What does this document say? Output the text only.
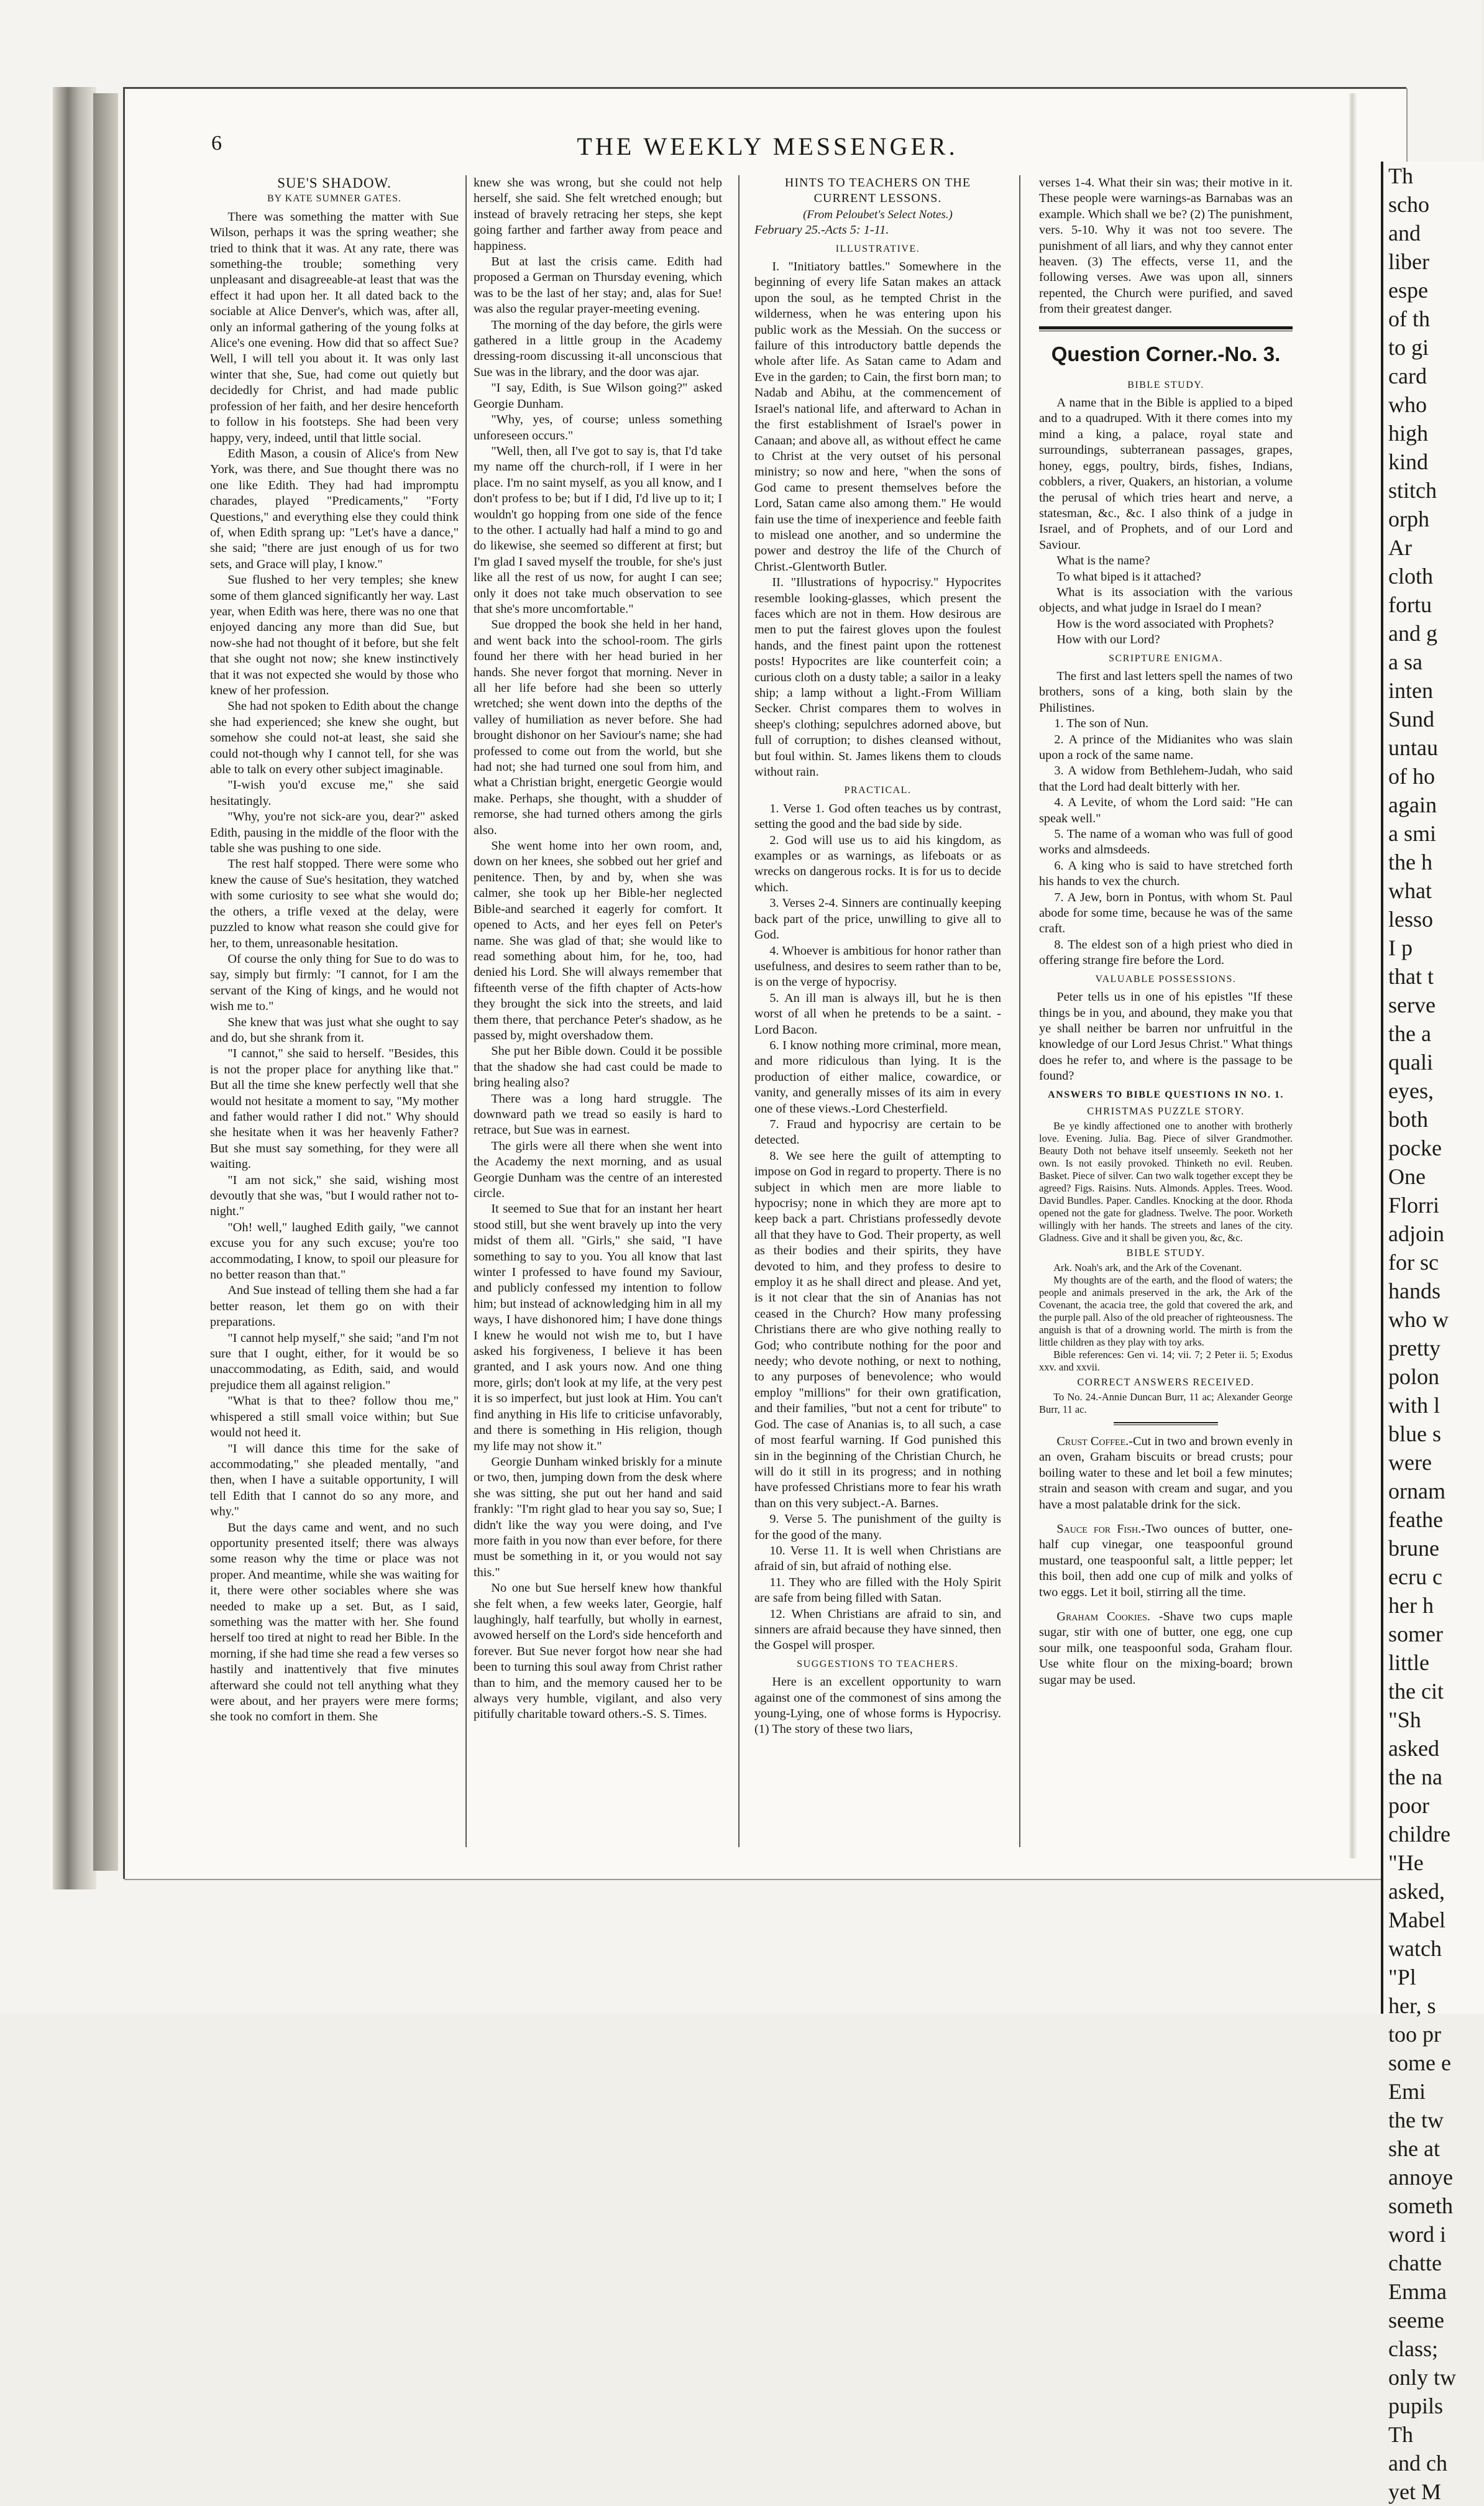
Th
scho
and
liber
espe
of th
to gi
card
who
high
kind
stitch
orph
Ar
cloth
fortu
and g
a sa
inten
Sund
untau
of ho
again
a smi
the h
what
lesso
I p
that t
serve
the a
quali
eyes,
both
pocke
One
Florri
adjoin
for sc
hands
who w
pretty
polon
with l
blue s
were
ornam
feathe
brune
ecru c
her h
somer
little
the cit
"Sh
asked
the na
poor
childre
"He
asked,
Mabel
watch
"Pl
her, s
too pr
some e
Emi
the tw
she at
annoye
someth
word i
chatte
Emma
seeme
class;
only tw
pupils
Th
and ch
yet M
6	THE WEEKLY MESSENGER.

SUE'S SHADOW.

BY KATE SUMNER GATES.

There was something the matter with Sue Wilson, perhaps it was the spring weather; she tried to think that it was. At any rate, there was something-the trouble; something very unpleasant and disagreeable-at least that was the effect it had upon her. It all dated back to the sociable at Alice Denver's, which was, after all, only an informal gathering of the young folks at Alice's one evening. How did that so affect Sue? Well, I will tell you about it. It was only last winter that she, Sue, had come out quietly but decidedly for Christ, and had made public profession of her faith, and her desire henceforth to follow in his footsteps. She had been very happy, very, indeed, until that little social.

Edith Mason, a cousin of Alice's from New York, was there, and Sue thought there was no one like Edith. They had had impromptu charades, played "Predicaments," "Forty Questions," and everything else they could think of, when Edith sprang up: "Let's have a dance," she said; "there are just enough of us for two sets, and Grace will play, I know."

Sue flushed to her very temples; she knew some of them glanced significantly her way. Last year, when Edith was here, there was no one that enjoyed dancing any more than did Sue, but now-she had not thought of it before, but she felt that she ought not now; she knew instinctively that it was not expected she would by those who knew of her profession.

She had not spoken to Edith about the change she had experienced; she knew she ought, but somehow she could not-at least, she said she could not-though why I cannot tell, for she was able to talk on every other subject imaginable.

"I-wish you'd excuse me," she said hesitatingly.

"Why, you're not sick-are you, dear?" asked Edith, pausing in the middle of the floor with the table she was pushing to one side.

The rest half stopped. There were some who knew the cause of Sue's hesitation, they watched with some curiosity to see what she would do; the others, a trifle vexed at the delay, were puzzled to know what reason she could give for her, to them, unreasonable hesitation.

Of course the only thing for Sue to do was to say, simply but firmly: "I cannot, for I am the servant of the King of kings, and he would not wish me to."

She knew that was just what she ought to say and do, but she shrank from it.

"I cannot," she said to herself. "Besides, this is not the proper place for anything like that." But all the time she knew perfectly well that she would not hesitate a moment to say, "My mother and father would rather I did not." Why should she hesitate when it was her heavenly Father? But she must say something, for they were all waiting.

"I am not sick," she said, wishing most devoutly that she was, "but I would rather not to-night."

"Oh! well," laughed Edith gaily, "we cannot excuse you for any such excuse; you're too accommodating, I know, to spoil our pleasure for no better reason than that."

And Sue instead of telling them she had a far better reason, let them go on with their preparations.

"I cannot help myself," she said; "and I'm not sure that I ought, either, for it would be so unaccommodating, as Edith, said, and would prejudice them all against religion."

"What is that to thee? follow thou me," whispered a still small voice within; but Sue would not heed it.

"I will dance this time for the sake of accommodating," she pleaded mentally, "and then, when I have a suitable opportunity, I will tell Edith that I cannot do so any more, and why."

But the days came and went, and no such opportunity presented itself; there was always some reason why the time or place was not proper. And meantime, while she was waiting for it, there were other sociables where she was needed to make up a set. But, as I said, something was the matter with her. She found herself too tired at night to read her Bible. In the morning, if she had time she read a few verses so hastily and inattentively that five minutes afterward she could not tell anything what they were about, and her prayers were mere forms; she took no comfort in them. She

knew she was wrong, but she could not help herself, she said. She felt wretched enough; but instead of bravely retracing her steps, she kept going farther and farther away from peace and happiness.

But at last the crisis came. Edith had proposed a German on Thursday evening, which was to be the last of her stay; and, alas for Sue! was also the regular prayer-meeting evening.

The morning of the day before, the girls were gathered in a little group in the Academy dressing-room discussing it-all unconscious that Sue was in the library, and the door was ajar.

"I say, Edith, is Sue Wilson going?" asked Georgie Dunham.

"Why, yes, of course; unless something unforeseen occurs."

"Well, then, all I've got to say is, that I'd take my name off the church-roll, if I were in her place. I'm no saint myself, as you all know, and I don't profess to be; but if I did, I'd live up to it; I wouldn't go hopping from one side of the fence to the other. I actually had half a mind to go and do likewise, she seemed so different at first; but I'm glad I saved myself the trouble, for she's just like all the rest of us now, for aught I can see; only it does not take much observation to see that she's more uncomfortable."

Sue dropped the book she held in her hand, and went back into the school-room. The girls found her there with her head buried in her hands. She never forgot that morning. Never in all her life before had she been so utterly wretched; she went down into the depths of the valley of humiliation as never before. She had brought dishonor on her Saviour's name; she had professed to come out from the world, but she had not; she had turned one soul from him, and what a Christian bright, energetic Georgie would make. Perhaps, she thought, with a shudder of remorse, she had turned others among the girls also.

She went home into her own room, and, down on her knees, she sobbed out her grief and penitence. Then, by and by, when she was calmer, she took up her Bible-her neglected Bible-and searched it eagerly for comfort. It opened to Acts, and her eyes fell on Peter's name. She was glad of that; she would like to read something about him, for he, too, had denied his Lord. She will always remember that fifteenth verse of the fifth chapter of Acts-how they brought the sick into the streets, and laid them there, that perchance Peter's shadow, as he passed by, might overshadow them.

She put her Bible down. Could it be possible that the shadow she had cast could be made to bring healing also?

There was a long hard struggle. The downward path we tread so easily is hard to retrace, but Sue was in earnest.

The girls were all there when she went into the Academy the next morning, and as usual Georgie Dunham was the centre of an interested circle.

It seemed to Sue that for an instant her heart stood still, but she went bravely up into the very midst of them all. "Girls," she said, "I have something to say to you. You all know that last winter I professed to have found my Saviour, and publicly confessed my intention to follow him; but instead of acknowledging him in all my ways, I have dishonored him; I have done things I knew he would not wish me to, but I have asked his forgiveness, I believe it has been granted, and I ask yours now. And one thing more, girls; don't look at my life, at the very pest it is so imperfect, but just look at Him. You can't find anything in His life to criticise unfavorably, and there is something in His religion, though my life may not show it."

Georgie Dunham winked briskly for a minute or two, then, jumping down from the desk where she was sitting, she put out her hand and said frankly: "I'm right glad to hear you say so, Sue; I didn't like the way you were doing, and I've more faith in you now than ever before, for there must be something in it, or you would not say this."

No one but Sue herself knew how thankful she felt when, a few weeks later, Georgie, half laughingly, half tearfully, but wholly in earnest, avowed herself on the Lord's side henceforth and forever. But Sue never forgot how near she had been to turning this soul away from Christ rather than to him, and the memory caused her to be always very humble, vigilant, and also very pitifully charitable toward others.-S. S. Times.

HINTS TO TEACHERS ON THE CURRENT LESSONS.

(From Peloubet's Select Notes.)

February 25.-Acts 5: 1-11.

ILLUSTRATIVE.

I. "Initiatory battles." Somewhere in the beginning of every life Satan makes an attack upon the soul, as he tempted Christ in the wilderness, when he was entering upon his public work as the Messiah. On the success or failure of this introductory battle depends the whole after life. As Satan came to Adam and Eve in the garden; to Cain, the first born man; to Nadab and Abihu, at the commencement of Israel's national life, and afterward to Achan in the first establishment of Israel's power in Canaan; and above all, as without effect he came to Christ at the very outset of his personal ministry; so now and here, "when the sons of God came to present themselves before the Lord, Satan came also among them." He would fain use the time of inexperience and feeble faith to mislead one another, and so undermine the power and destroy the life of the Church of Christ.-Glentworth Butler.

II. "Illustrations of hypocrisy." Hypocrites resemble looking-glasses, which present the faces which are not in them. How desirous are men to put the fairest gloves upon the foulest hands, and the finest paint upon the rottenest posts! Hypocrites are like counterfeit coin; a curious cloth on a dusty table; a sailor in a leaky ship; a lamp without a light.-From William Secker. Christ compares them to wolves in sheep's clothing; sepulchres adorned above, but full of corruption; to dishes cleansed without, but foul within. St. James likens them to clouds without rain.

PRACTICAL.

1. Verse 1. God often teaches us by contrast, setting the good and the bad side by side.

2. God will use us to aid his kingdom, as examples or as warnings, as lifeboats or as wrecks on dangerous rocks. It is for us to decide which.

3. Verses 2-4. Sinners are continually keeping back part of the price, unwilling to give all to God.

4. Whoever is ambitious for honor rather than usefulness, and desires to seem rather than to be, is on the verge of hypocrisy.

5. An ill man is always ill, but he is then worst of all when he pretends to be a saint. -Lord Bacon.

6. I know nothing more criminal, more mean, and more ridiculous than lying. It is the production of either malice, cowardice, or vanity, and generally misses of its aim in every one of these views.-Lord Chesterfield.

7. Fraud and hypocrisy are certain to be detected.

8. We see here the guilt of attempting to impose on God in regard to property. There is no subject in which men are more liable to hypocrisy; none in which they are more apt to keep back a part. Christians professedly devote all that they have to God. Their property, as well as their bodies and their spirits, they have devoted to him, and they profess to desire to employ it as he shall direct and please. And yet, is it not clear that the sin of Ananias has not ceased in the Church? How many professing Christians there are who give nothing really to God; who contribute nothing for the poor and needy; who devote nothing, or next to nothing, to any purposes of benevolence; who would employ "millions" for their own gratification, and their families, "but not a cent for tribute" to God. The case of Ananias is, to all such, a case of most fearful warning. If God punished this sin in the beginning of the Christian Church, he will do it still in its progress; and in nothing have professed Christians more to fear his wrath than on this very subject.-A. Barnes.

9. Verse 5. The punishment of the guilty is for the good of the many.

10. Verse 11. It is well when Christians are afraid of sin, but afraid of nothing else.

11. They who are filled with the Holy Spirit are safe from being filled with Satan.

12. When Christians are afraid to sin, and sinners are afraid because they have sinned, then the Gospel will prosper.

SUGGESTIONS TO TEACHERS.

Here is an excellent opportunity to warn against one of the commonest of sins among the young-Lying, one of whose forms is Hypocrisy. (1) The story of these two liars,

verses 1-4. What their sin was; their motive in it. These people were warnings-as Barnabas was an example. Which shall we be? (2) The punishment, vers. 5-10. Why it was not too severe. The punishment of all liars, and why they cannot enter heaven. (3) The effects, verse 11, and the following verses. Awe was upon all, sinners repented, the Church were purified, and saved from their greatest danger.

Question Corner.-No. 3.

BIBLE STUDY.

A name that in the Bible is applied to a biped and to a quadruped. With it there comes into my mind a king, a palace, royal state and surroundings, subterranean passages, grapes, honey, eggs, poultry, birds, fishes, Indians, cobblers, a river, Quakers, an historian, a volume the perusal of which tries heart and nerve, a statesman, &c., &c. I also think of a judge in Israel, and of Prophets, and of our Lord and Saviour.

What is the name?

To what biped is it attached?

What is its association with the various objects, and what judge in Israel do I mean?

How is the word associated with Prophets?

How with our Lord?

SCRIPTURE ENIGMA.

The first and last letters spell the names of two brothers, sons of a king, both slain by the Philistines.

1. The son of Nun.

2. A prince of the Midianites who was slain upon a rock of the same name.

3. A widow from Bethlehem-Judah, who said that the Lord had dealt bitterly with her.

4. A Levite, of whom the Lord said: "He can speak well."

5. The name of a woman who was full of good works and almsdeeds.

6. A king who is said to have stretched forth his hands to vex the church.

7. A Jew, born in Pontus, with whom St. Paul abode for some time, because he was of the same craft.

8. The eldest son of a high priest who died in offering strange fire before the Lord.

VALUABLE POSSESSIONS.

Peter tells us in one of his epistles "If these things be in you, and abound, they make you that ye shall neither be barren nor unfruitful in the knowledge of our Lord Jesus Christ." What things does he refer to, and where is the passage to be found?

ANSWERS TO BIBLE QUESTIONS IN NO. 1.

CHRISTMAS PUZZLE STORY.

Be ye kindly affectioned one to another with brotherly love. Evening. Julia. Bag. Piece of silver Grandmother. Beauty Doth not behave itself unseemly. Seeketh not her own. Is not easily provoked. Thinketh no evil. Reuben. Basket. Piece of silver. Can two walk together except they be agreed? Figs. Raisins. Nuts. Almonds. Apples. Trees. Wood. David Bundles. Paper. Candles. Knocking at the door. Rhoda opened not the gate for gladness. Twelve. The poor. Worketh willingly with her hands. The streets and lanes of the city. Gladness. Give and it shall be given you, &c, &c.

BIBLE STUDY.

Ark. Noah's ark, and the Ark of the Covenant.

My thoughts are of the earth, and the flood of waters; the people and animals preserved in the ark, the Ark of the Covenant, the acacia tree, the gold that covered the ark, and the purple pall. Also of the old preacher of righteousness. The anguish is that of a drowning world. The mirth is from the little children as they play with toy arks.

Bible references: Gen vi. 14; vii. 7; 2 Peter ii. 5; Exodus xxv. and xxvii.

CORRECT ANSWERS RECEIVED.

To No. 24.-Annie Duncan Burr, 11 ac; Alexander George Burr, 11 ac.

Crust Coffee.-Cut in two and brown evenly in an oven, Graham biscuits or bread crusts; pour boiling water to these and let boil a few minutes; strain and season with cream and sugar, and you have a most palatable drink for the sick.

Sauce for Fish.-Two ounces of butter, one-half cup vinegar, one teaspoonful ground mustard, one teaspoonful salt, a little pepper; let this boil, then add one cup of milk and yolks of two eggs. Let it boil, stirring all the time.

Graham Cookies. -Shave two cups maple sugar, stir with one of butter, one egg, one cup sour milk, one teaspoonful soda, Graham flour. Use white flour on the mixing-board; brown sugar may be used.
